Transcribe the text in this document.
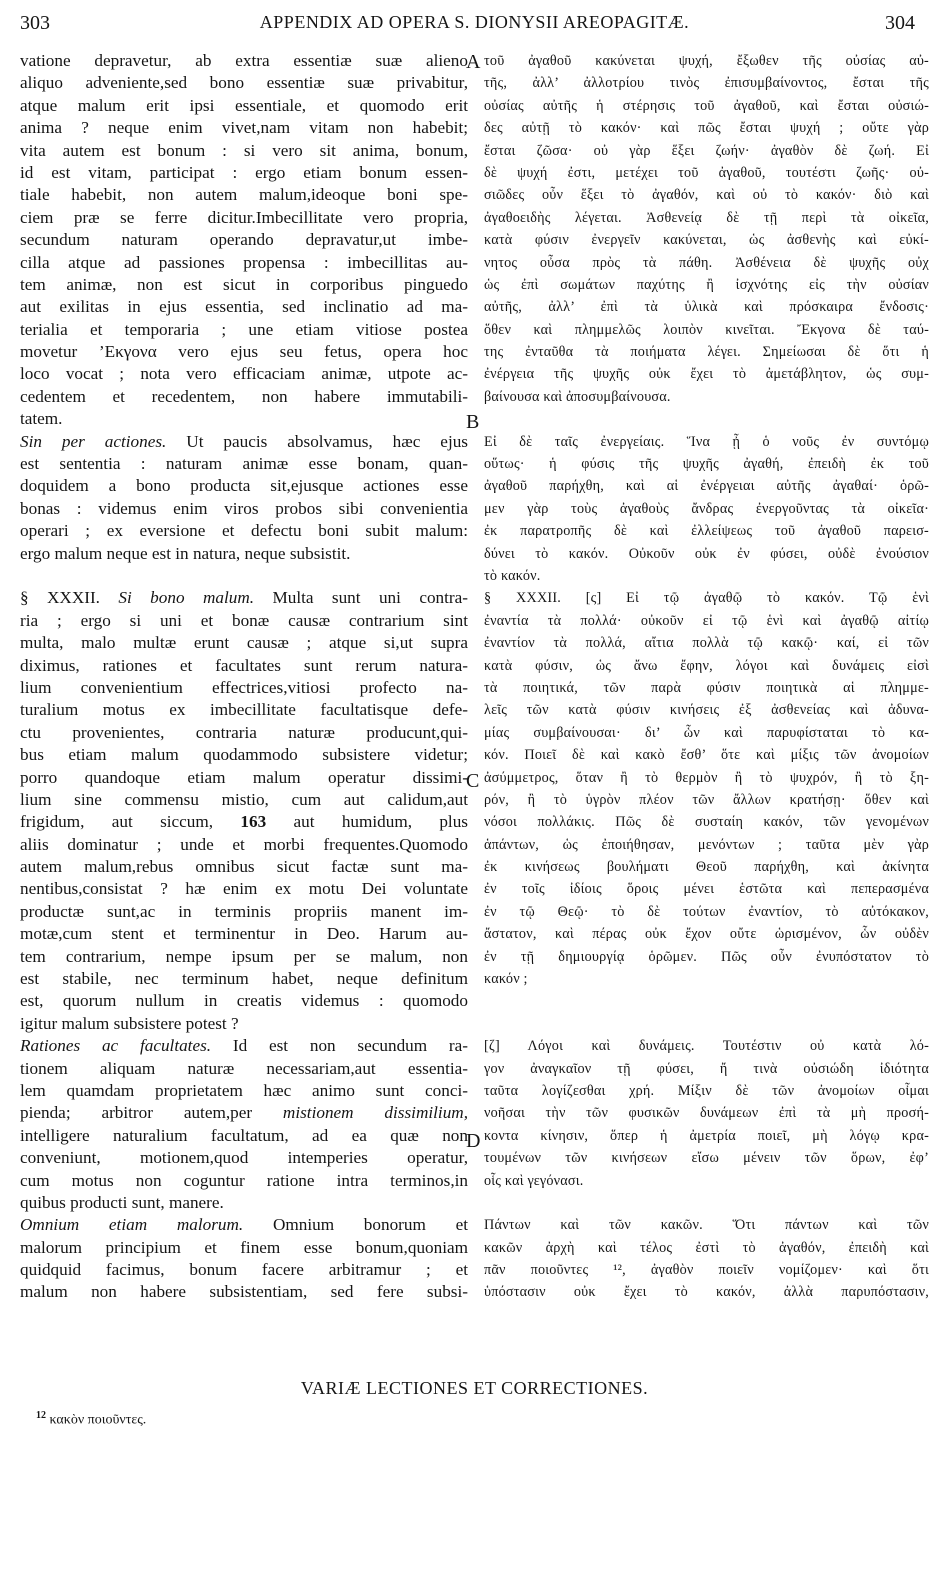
303	APPENDIX AD OPERA S. DIONYSII AREOPAGITÆ.	304
vatione depravetur, ab extra essentiæ suæ alieno
aliquo adveniente,sed bono essentiæ suæ privabitur,
atque malum erit ipsi essentiale, et quomodo erit
anima ? neque enim vivet,nam vitam non habebit;
vita autem est bonum : si vero sit anima, bonum,
id est vitam, participat : ergo etiam bonum essen-
tiale habebit, non autem malum,ideoque boni spe-
ciem præ se ferre dicitur.Imbecillitate vero propria,
secundum naturam operando depravatur,ut imbe-
cilla atque ad passiones propensa : imbecillitas au-
tem animæ, non est sicut in corporibus pinguedo
aut exilitas in ejus essentia, sed inclinatio ad ma-
terialia et temporaria ; une etiam vitiose postea
movetur ’Εκγονα vero ejus seu fetus, opera hoc
loco vocat ; nota vero efficaciam animæ, utpote ac-
cedentem et recedentem, non habere immutabili-
tatem.
Sin per actiones. Ut paucis absolvamus, hæc ejus
est sententia : naturam animæ esse bonam, quan-
doquidem a bono producta sit,ejusque actiones esse
bonas : videmus enim viros probos sibi convenientia
operari ; ex eversione et defectu boni subit malum:
ergo malum neque est in natura, neque subsistit.
§ XXXII. Si bono malum. Multa sunt uni contra-
ria ; ergo si uni et bonæ causæ contrarium sint
multa, malo multæ erunt causæ ; atque si,ut supra
diximus, rationes et facultates sunt rerum natura-
lium convenientium effectrices,vitiosi profecto na-
turalium motus ex imbecillitate facultatisque defe-
ctu provenientes, contraria naturæ producunt,qui-
bus etiam malum quodammodo subsistere videtur;
porro quandoque etiam malum operatur dissimi-
lium sine commensu mistio, cum aut calidum,aut
frigidum, aut siccum, 163 aut humidum, plus
aliis dominatur ; unde et morbi frequentes.Quomodo
autem malum,rebus omnibus sicut factæ sunt ma-
nentibus,consistat ? hæ enim ex motu Dei voluntate
productæ sunt,ac in terminis propriis manent im-
motæ,cum stent et terminentur in Deo. Harum au-
tem contrarium, nempe ipsum per se malum, non
est stabile, nec terminum habet, neque definitum
est, quorum nullum in creatis videmus : quomodo
igitur malum subsistere potest ?
Rationes ac facultates. Id est non secundum ra-
tionem aliquam naturæ necessariam,aut essentia-
lem quamdam proprietatem hæc animo sunt conci-
pienda; arbitror autem,per mistionem dissimilium,
intelligere naturalium facultatum, ad ea quæ non
conveniunt, motionem,quod intemperies operatur,
cum motus non coguntur ratione intra terminos,in
quibus producti sunt, manere.
Omnium etiam malorum. Omnium bonorum et
malorum principium et finem esse bonum,quoniam
quidquid facimus, bonum facere arbitramur ; et
malum non habere subsistentiam, sed fere subsi-
τοῦ ἀγαθοῦ κακύνεται ψυχή, ἔξωθεν τῆς οὐσίας αὐ-
τῆς, ἀλλ’ ἀλλοτρίου τινὸς ἐπισυμβαίνοντος, ἔσται τῆς
οὐσίας αὐτῆς ἡ στέρησις τοῦ ἀγαθοῦ, καὶ ἔσται οὐσιώ-
δες αὐτῇ τὸ κακόν· καὶ πῶς ἔσται ψυχή ; οὔτε γὰρ
ἔσται ζῶσα· οὐ γὰρ ἕξει ζωήν· ἀγαθὸν δὲ ζωή. Εἰ
δὲ ψυχή ἐστι, μετέχει τοῦ ἀγαθοῦ, τουτέστι ζωῆς· οὐ-
σιῶδες οὖν ἕξει τὸ ἀγαθόν, καὶ οὐ τὸ κακόν· διὸ καὶ
ἀγαθοειδὴς λέγεται. Ἀσθενείᾳ δὲ τῇ περὶ τὰ οἰκεῖα,
κατὰ φύσιν ἐνεργεῖν κακύνεται, ὡς ἀσθενὴς καὶ εὐκί-
νητος οὖσα πρὸς τὰ πάθη. Ἀσθένεια δὲ ψυχῆς οὐχ
ὡς ἐπὶ σωμάτων παχύτης ἢ ἰσχνότης εἰς τὴν οὐσίαν
αὐτῆς, ἀλλ’ ἐπὶ τὰ ὑλικὰ καὶ πρόσκαιρα ἔνδοσις·
ὅθεν καὶ πλημμελῶς λοιπὸν κινεῖται. Ἔκγονα δὲ ταύ-
της ἐνταῦθα τὰ ποιήματα λέγει. Σημείωσαι δὲ ὅτι ἡ
ἐνέργεια τῆς ψυχῆς οὐκ ἔχει τὸ ἀμετάβλητον, ὡς συμ-
βαίνουσα καὶ ἀποσυμβαίνουσα.
Εἰ δὲ ταῖς ἐνεργείαις. Ἵνα ᾖ ὁ νοῦς ἐν συντόμῳ
οὕτως· ἡ φύσις τῆς ψυχῆς ἀγαθή, ἐπειδὴ ἐκ τοῦ
ἀγαθοῦ παρήχθη, καὶ αἱ ἐνέργειαι αὐτῆς ἀγαθαί· ὁρῶ-
μεν γὰρ τοὺς ἀγαθοὺς ἄνδρας ἐνεργοῦντας τὰ οἰκεῖα·
ἐκ παρατροπῆς δὲ καὶ ἐλλείψεως τοῦ ἀγαθοῦ παρεισ-
δύνει τὸ κακόν. Οὐκοῦν οὐκ ἐν φύσει, οὐδὲ ἐνούσιον
τὸ κακόν.
§ XXXII. [ς] Εἰ τῷ ἀγαθῷ τὸ κακόν. Τῷ ἑνὶ
ἐναντία τὰ πολλά· οὐκοῦν εἰ τῷ ἑνὶ καὶ ἀγαθῷ αἰτίῳ
ἐναντίον τὰ πολλά, αἴτια πολλὰ τῷ κακῷ· καί, εἰ τῶν
κατὰ φύσιν, ὡς ἄνω ἔφην, λόγοι καὶ δυνάμεις εἰσὶ
τὰ ποιητικά, τῶν παρὰ φύσιν ποιητικὰ αἱ πλημμε-
λεῖς τῶν κατὰ φύσιν κινήσεις ἐξ ἀσθενείας καὶ ἀδυνα-
μίας συμβαίνουσαι· δι’ ὧν καὶ παρυφίσταται τὸ κα-
κόν. Ποιεῖ δὲ καὶ κακὸ ἔσθ’ ὅτε καὶ μίξις τῶν ἀνομοίων
ἀσύμμετρος, ὅταν ἢ τὸ θερμὸν ἢ τὸ ψυχρόν, ἢ τὸ ξη-
ρόν, ἢ τὸ ὑγρὸν πλέον τῶν ἄλλων κρατήσῃ· ὅθεν καὶ
νόσοι πολλάκις. Πῶς δὲ συσταίη κακόν, τῶν γενομένων
ἁπάντων, ὡς ἐποιήθησαν, μενόντων ; ταῦτα μὲν γὰρ
ἐκ κινήσεως βουλήματι Θεοῦ παρήχθη, καὶ ἀκίνητα
ἐν τοῖς ἰδίοις ὅροις μένει ἑστῶτα καὶ πεπερασμένα
ἐν τῷ Θεῷ· τὸ δὲ τούτων ἐναντίον, τὸ αὐτόκακον,
ἄστατον, καὶ πέρας οὐκ ἔχον οὔτε ὡρισμένον, ὧν οὐδὲν
ἐν τῇ δημιουργίᾳ ὁρῶμεν. Πῶς οὖν ἐνυπόστατον τὸ
κακόν ;
[ζ] Λόγοι καὶ δυνάμεις. Τουτέστιν οὐ κατὰ λό-
γον ἀναγκαῖον τῇ φύσει, ἤ τινὰ οὐσιώδη ἰδιότητα
ταῦτα λογίζεσθαι χρή. Μίξιν δὲ τῶν ἀνομοίων οἶμαι
νοῆσαι τὴν τῶν φυσικῶν δυνάμεων ἐπὶ τὰ μὴ προσή-
κοντα κίνησιν, ὅπερ ἡ ἀμετρία ποιεῖ, μὴ λόγῳ κρα-
τουμένων τῶν κινήσεων εἴσω μένειν τῶν ὅρων, ἐφ’
οἷς καὶ γεγόνασι.
Πάντων καὶ τῶν κακῶν. Ὅτι πάντων καὶ τῶν
κακῶν ἀρχὴ καὶ τέλος ἐστὶ τὸ ἀγαθόν, ἐπειδὴ καὶ
πᾶν ποιοῦντες ¹², ἀγαθὸν ποιεῖν νομίζομεν· καὶ ὅτι
ὑπόστασιν οὐκ ἔχει τὸ κακόν, ἀλλὰ παρυπόστασιν,
A
B
C
D
VARIÆ LECTIONES ET CORRECTIONES.
$^{12}$ κακὸν ποιοῦντες.
